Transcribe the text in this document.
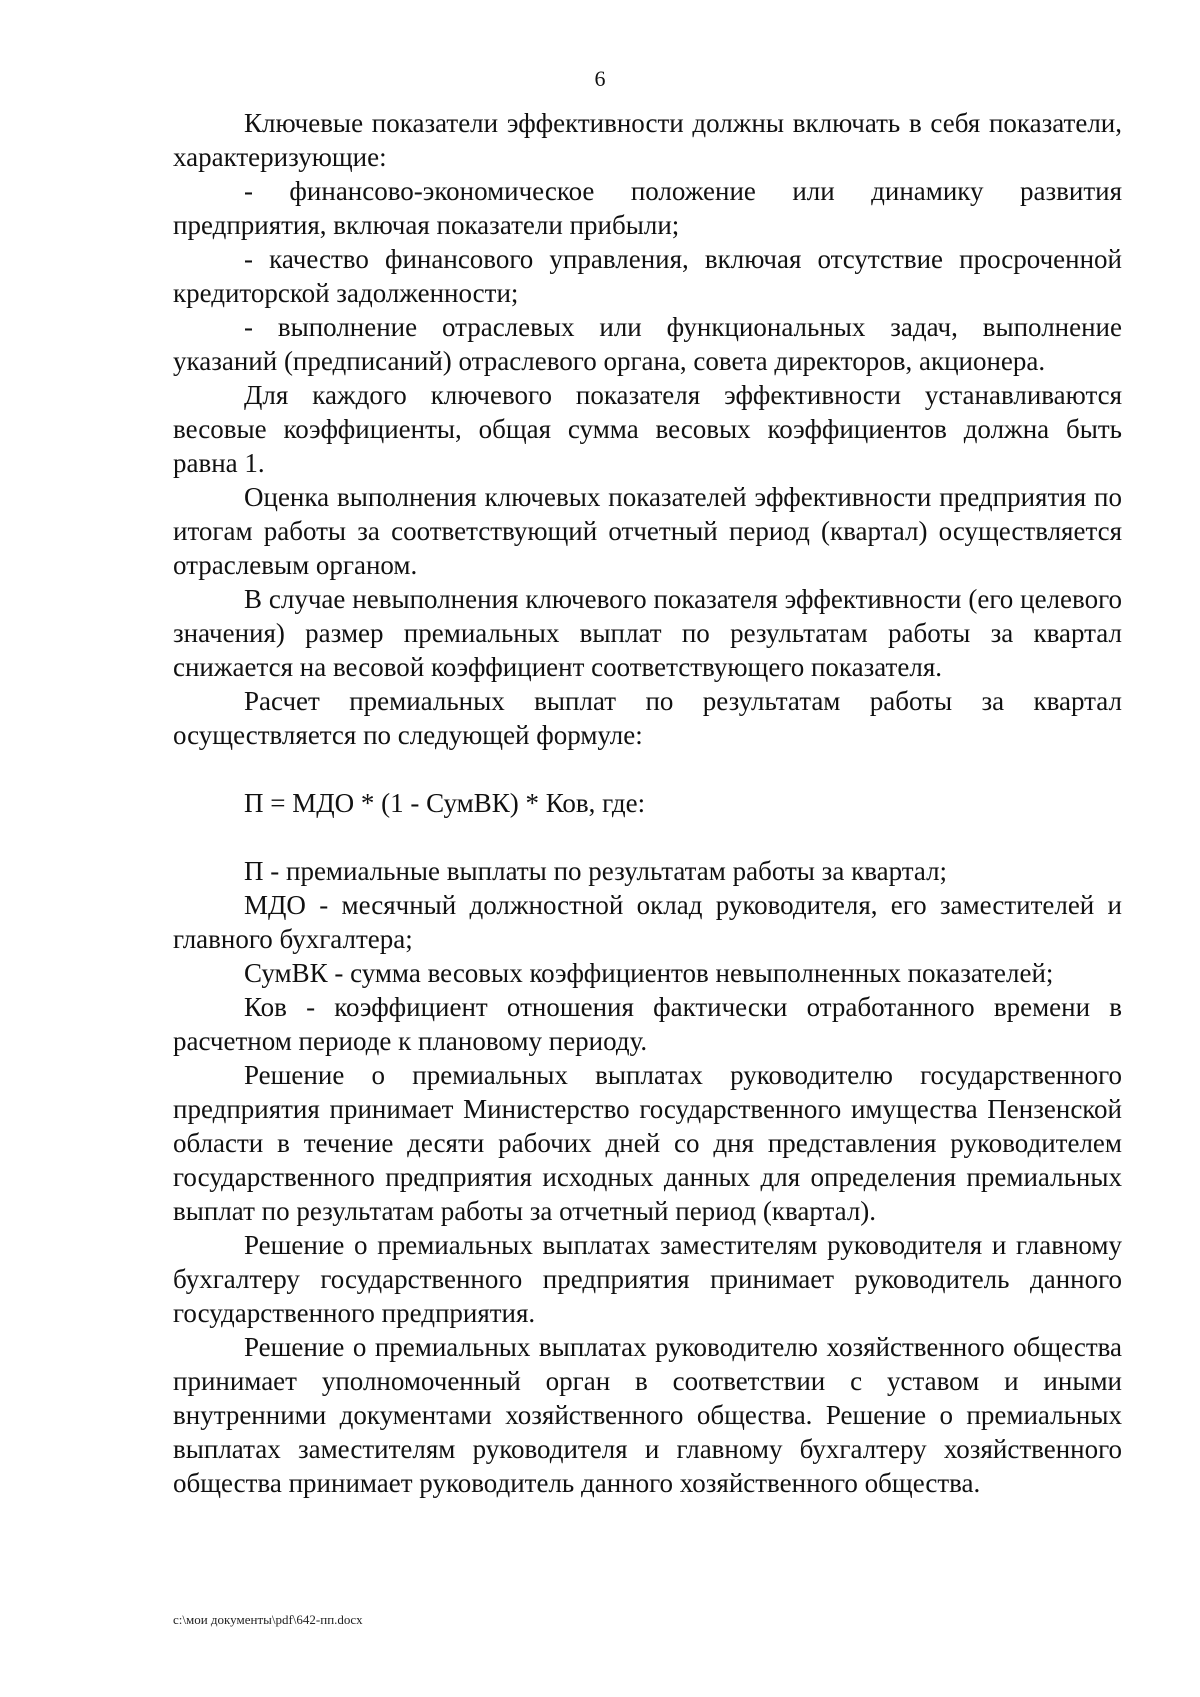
6

Ключевые показатели эффективности должны включать в себя показатели, характеризующие:

- финансово-экономическое положение или динамику развития предприятия, включая показатели прибыли;

- качество финансового управления, включая отсутствие просроченной кредиторской задолженности;

- выполнение отраслевых или функциональных задач, выполнение указаний (предписаний) отраслевого органа, совета директоров, акционера.

Для каждого ключевого показателя эффективности устанавливаются весовые коэффициенты, общая сумма весовых коэффициентов должна быть равна 1.

Оценка выполнения ключевых показателей эффективности предприятия по итогам работы за соответствующий отчетный период (квартал) осуществляется отраслевым органом.

В случае невыполнения ключевого показателя эффективности (его целевого значения) размер премиальных выплат по результатам работы за квартал снижается на весовой коэффициент соответствующего показателя.

Расчет премиальных выплат по результатам работы за квартал осуществляется по следующей формуле:

П = МДО * (1 - СумВК) * Ков, где:

П - премиальные выплаты по результатам работы за квартал;

МДО - месячный должностной оклад руководителя, его заместителей и главного бухгалтера;

СумВК - сумма весовых коэффициентов невыполненных показателей;

Ков - коэффициент отношения фактически отработанного времени в расчетном периоде к плановому периоду.

Решение о премиальных выплатах руководителю государственного предприятия принимает Министерство государственного имущества Пензенской области в течение десяти рабочих дней со дня представления руководителем государственного предприятия исходных данных для определения премиальных выплат по результатам работы за отчетный период (квартал).

Решение о премиальных выплатах заместителям руководителя и главному бухгалтеру государственного предприятия принимает руководитель данного государственного предприятия.

Решение о премиальных выплатах руководителю хозяйственного общества принимает уполномоченный орган в соответствии с уставом и иными внутренними документами хозяйственного общества. Решение о премиальных выплатах заместителям руководителя и главному бухгалтеру хозяйственного общества принимает руководитель данного хозяйственного общества.

c:\мои документы\pdf\642-пп.docx
